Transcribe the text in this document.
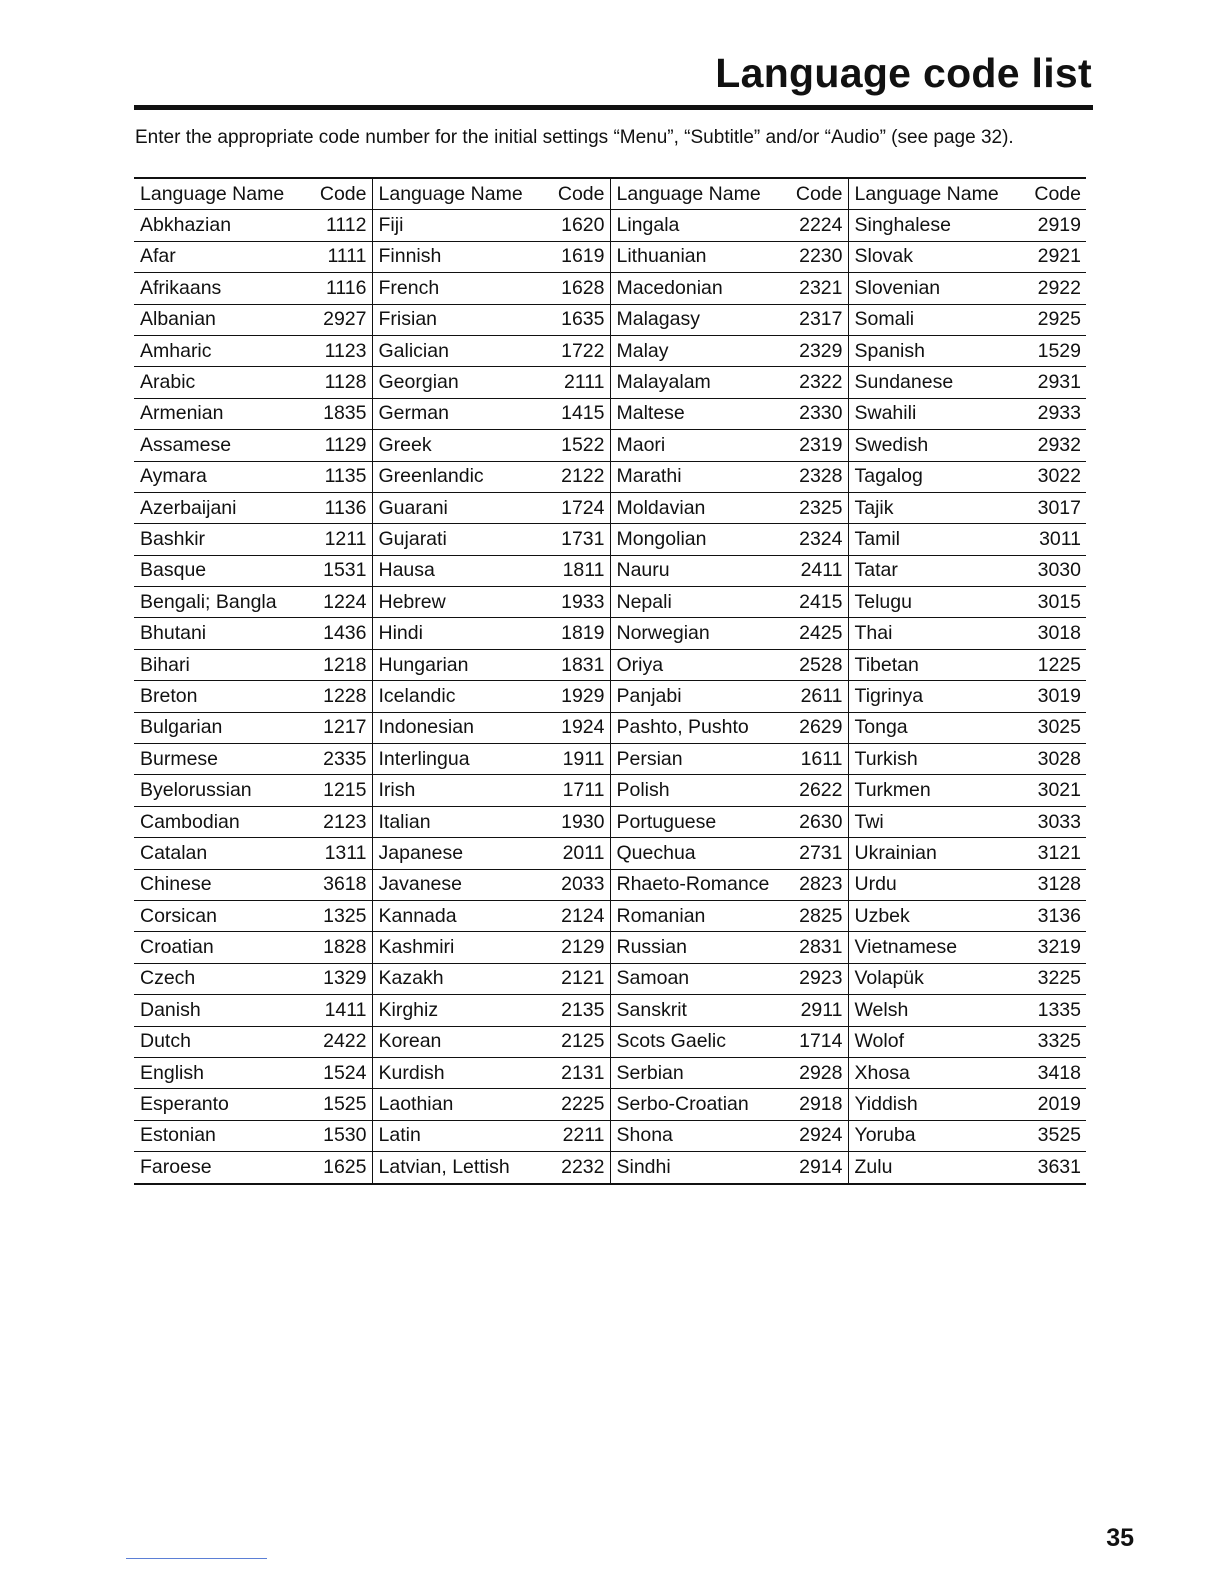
Language code list

Enter the appropriate code number for the initial settings “Menu”, “Subtitle” and/or “Audio” (see page 32).

Language Name	Code	Language Name	Code	Language Name	Code	Language Name	Code
Abkhazian	1112	Fiji	1620	Lingala	2224	Singhalese	2919
Afar	1111	Finnish	1619	Lithuanian	2230	Slovak	2921
Afrikaans	1116	French	1628	Macedonian	2321	Slovenian	2922
Albanian	2927	Frisian	1635	Malagasy	2317	Somali	2925
Amharic	1123	Galician	1722	Malay	2329	Spanish	1529
Arabic	1128	Georgian	2111	Malayalam	2322	Sundanese	2931
Armenian	1835	German	1415	Maltese	2330	Swahili	2933
Assamese	1129	Greek	1522	Maori	2319	Swedish	2932
Aymara	1135	Greenlandic	2122	Marathi	2328	Tagalog	3022
Azerbaijani	1136	Guarani	1724	Moldavian	2325	Tajik	3017
Bashkir	1211	Gujarati	1731	Mongolian	2324	Tamil	3011
Basque	1531	Hausa	1811	Nauru	2411	Tatar	3030
Bengali; Bangla	1224	Hebrew	1933	Nepali	2415	Telugu	3015
Bhutani	1436	Hindi	1819	Norwegian	2425	Thai	3018
Bihari	1218	Hungarian	1831	Oriya	2528	Tibetan	1225
Breton	1228	Icelandic	1929	Panjabi	2611	Tigrinya	3019
Bulgarian	1217	Indonesian	1924	Pashto, Pushto	2629	Tonga	3025
Burmese	2335	Interlingua	1911	Persian	1611	Turkish	3028
Byelorussian	1215	Irish	1711	Polish	2622	Turkmen	3021
Cambodian	2123	Italian	1930	Portuguese	2630	Twi	3033
Catalan	1311	Japanese	2011	Quechua	2731	Ukrainian	3121
Chinese	3618	Javanese	2033	Rhaeto-Romance	2823	Urdu	3128
Corsican	1325	Kannada	2124	Romanian	2825	Uzbek	3136
Croatian	1828	Kashmiri	2129	Russian	2831	Vietnamese	3219
Czech	1329	Kazakh	2121	Samoan	2923	Volapük	3225
Danish	1411	Kirghiz	2135	Sanskrit	2911	Welsh	1335
Dutch	2422	Korean	2125	Scots Gaelic	1714	Wolof	3325
English	1524	Kurdish	2131	Serbian	2928	Xhosa	3418
Esperanto	1525	Laothian	2225	Serbo-Croatian	2918	Yiddish	2019
Estonian	1530	Latin	2211	Shona	2924	Yoruba	3525
Faroese	1625	Latvian, Lettish	2232	Sindhi	2914	Zulu	3631

35
